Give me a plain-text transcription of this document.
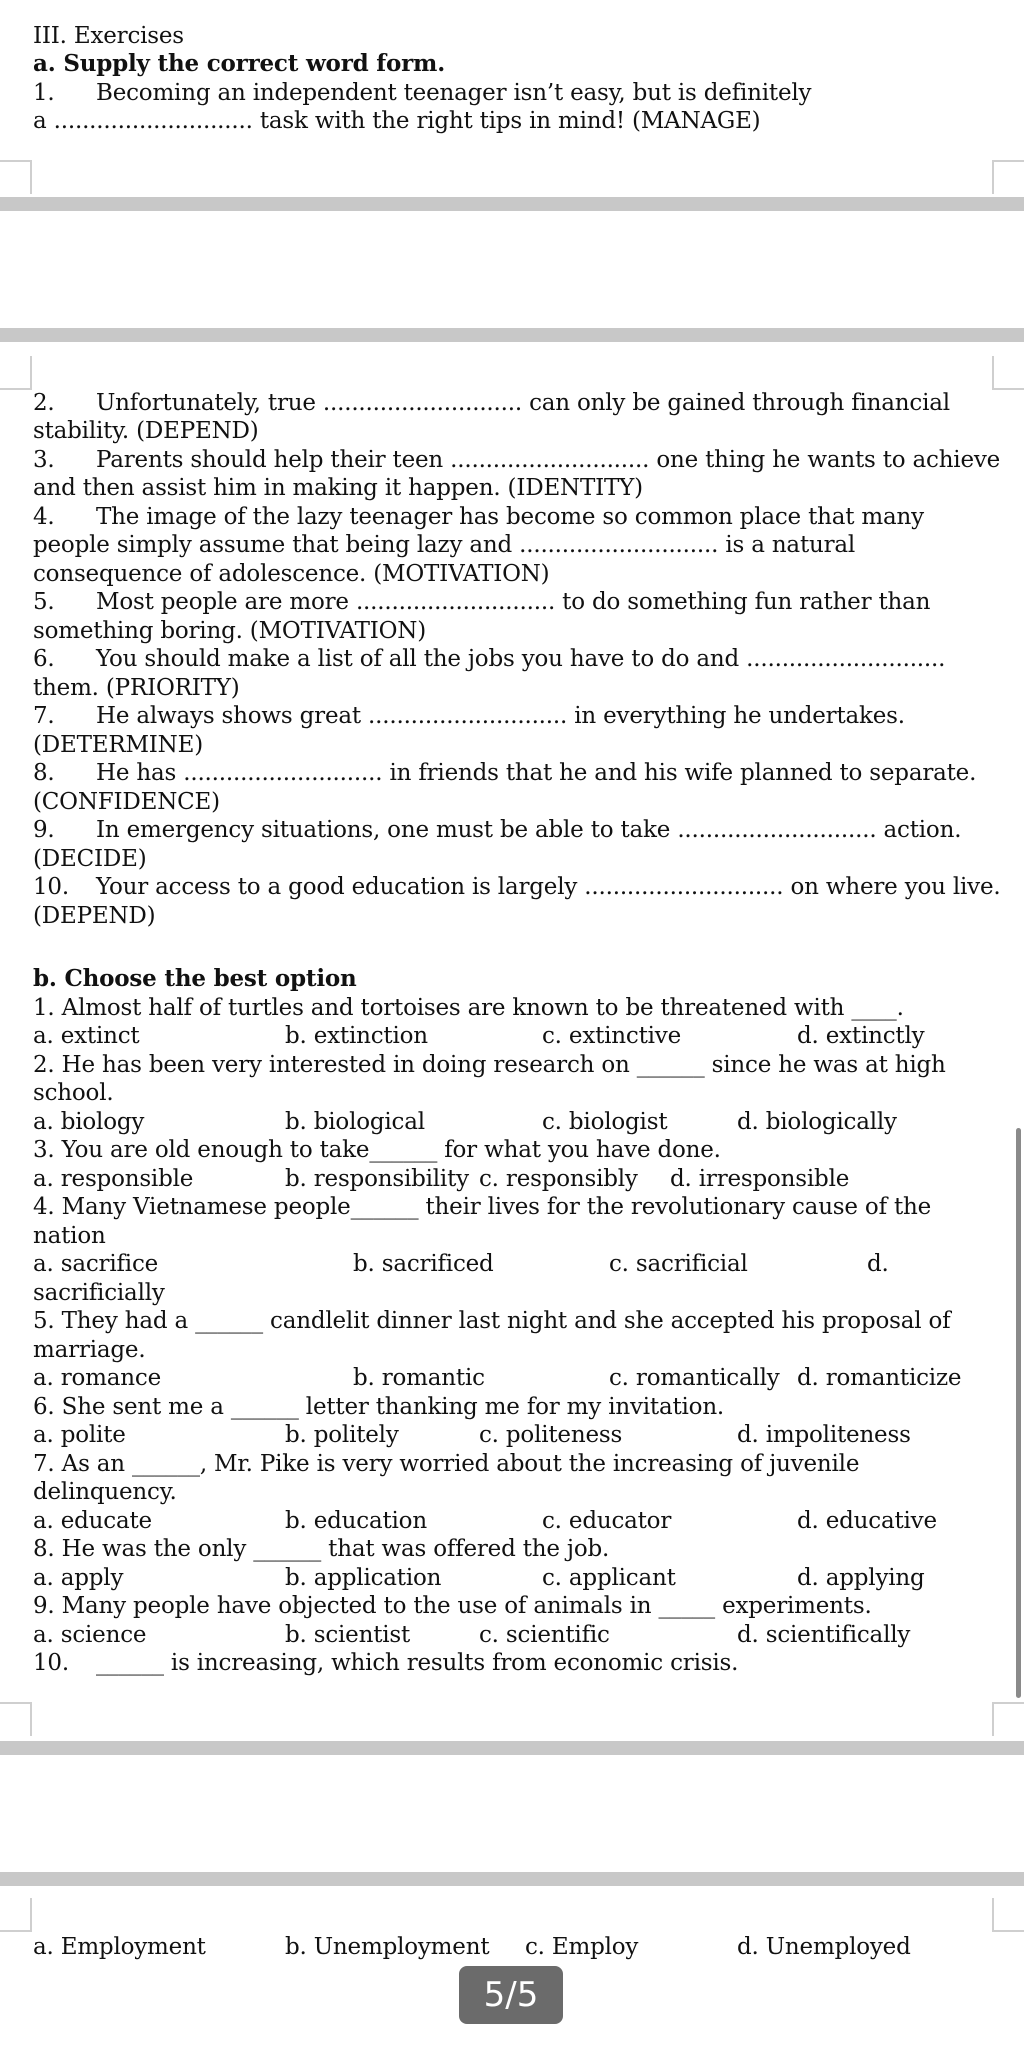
III. Exercises
a. Supply the correct word form.
1. Becoming an independent teenager isn’t easy, but is definitely
a ............................ task with the right tips in mind! (MANAGE)
2. Unfortunately, true ............................ can only be gained through financial
stability. (DEPEND)
3. Parents should help their teen ............................ one thing he wants to achieve
and then assist him in making it happen. (IDENTITY)
4. The image of the lazy teenager has become so common place that many
people simply assume that being lazy and ............................ is a natural
consequence of adolescence. (MOTIVATION)
5. Most people are more ............................ to do something fun rather than
something boring. (MOTIVATION)
6. You should make a list of all the jobs you have to do and ............................
them. (PRIORITY)
7. He always shows great ............................ in everything he undertakes.
(DETERMINE)
8. He has ............................ in friends that he and his wife planned to separate.
(CONFIDENCE)
9. In emergency situations, one must be able to take ............................ action.
(DECIDE)
10. Your access to a good education is largely ............................ on where you live.
(DEPEND)
b. Choose the best option
1. Almost half of turtles and tortoises are known to be threatened with ____.
a. extinct	b. extinction	c. extinctive	d. extinctly
2. He has been very interested in doing research on ______ since he was at high
school.
a. biology	b. biological	c. biologist	d. biologically
3. You are old enough to take______ for what you have done.
a. responsible	b. responsibility c. responsibly d. irresponsible
4. Many Vietnamese people______ their lives for the revolutionary cause of the
nation
a. sacrifice	b. sacrificed	c. sacrificial	d.
sacrificially
5. They had a ______ candlelit dinner last night and she accepted his proposal of
marriage.
a. romance	b. romantic	c. romantically d. romanticize
6. She sent me a ______ letter thanking me for my invitation.
a. polite	b. politely	c. politeness	d. impoliteness
7. As an ______, Mr. Pike is very worried about the increasing of juvenile
delinquency.
a. educate	b. education	c. educator	d. educative
8. He was the only ______ that was offered the job.
a. apply	b. application	c. applicant	d. applying
9. Many people have objected to the use of animals in _____ experiments.
a. science	b. scientist	c. scientific	d. scientifically
10. ______ is increasing, which results from economic crisis.
a. Employment	b. Unemployment c. Employ	d. Unemployed
5/5
